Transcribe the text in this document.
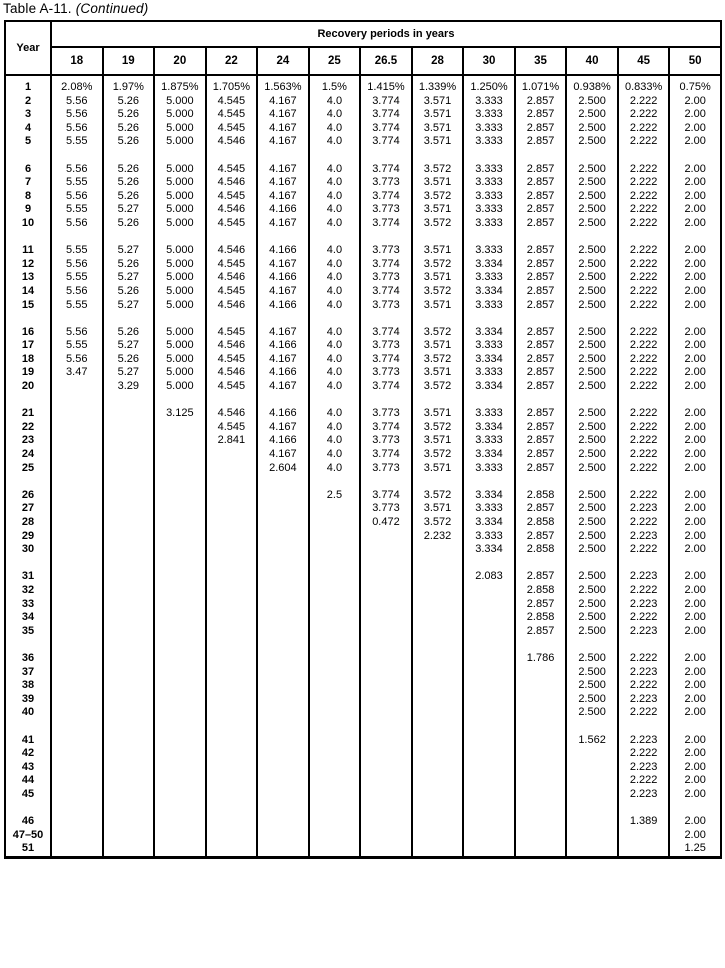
Table A-11. (Continued)
Year	Recovery periods in years												
	18	19	20	22	24	25	26.5	28	30	35	40	45	50

1	2.08%	1.97%	1.875%	1.705%	1.563%	1.5%	1.415%	1.339%	1.250%	1.071%	0.938%	0.833%	0.75%
2	5.56	5.26	5.000	4.545	4.167	4.0	3.774	3.571	3.333	2.857	2.500	2.222	2.00
3	5.56	5.26	5.000	4.545	4.167	4.0	3.774	3.571	3.333	2.857	2.500	2.222	2.00
4	5.56	5.26	5.000	4.545	4.167	4.0	3.774	3.571	3.333	2.857	2.500	2.222	2.00
5	5.55	5.26	5.000	4.546	4.167	4.0	3.774	3.571	3.333	2.857	2.500	2.222	2.00

6	5.56	5.26	5.000	4.545	4.167	4.0	3.774	3.572	3.333	2.857	2.500	2.222	2.00
7	5.55	5.26	5.000	4.546	4.167	4.0	3.773	3.571	3.333	2.857	2.500	2.222	2.00
8	5.56	5.26	5.000	4.545	4.167	4.0	3.774	3.572	3.333	2.857	2.500	2.222	2.00
9	5.55	5.27	5.000	4.546	4.166	4.0	3.773	3.571	3.333	2.857	2.500	2.222	2.00
10	5.56	5.26	5.000	4.545	4.167	4.0	3.774	3.572	3.333	2.857	2.500	2.222	2.00

11	5.55	5.27	5.000	4.546	4.166	4.0	3.773	3.571	3.333	2.857	2.500	2.222	2.00
12	5.56	5.26	5.000	4.545	4.167	4.0	3.774	3.572	3.334	2.857	2.500	2.222	2.00
13	5.55	5.27	5.000	4.546	4.166	4.0	3.773	3.571	3.333	2.857	2.500	2.222	2.00
14	5.56	5.26	5.000	4.545	4.167	4.0	3.774	3.572	3.334	2.857	2.500	2.222	2.00
15	5.55	5.27	5.000	4.546	4.166	4.0	3.773	3.571	3.333	2.857	2.500	2.222	2.00

16	5.56	5.26	5.000	4.545	4.167	4.0	3.774	3.572	3.334	2.857	2.500	2.222	2.00
17	5.55	5.27	5.000	4.546	4.166	4.0	3.773	3.571	3.333	2.857	2.500	2.222	2.00
18	5.56	5.26	5.000	4.545	4.167	4.0	3.774	3.572	3.334	2.857	2.500	2.222	2.00
19	3.47	5.27	5.000	4.546	4.166	4.0	3.773	3.571	3.333	2.857	2.500	2.222	2.00
20		3.29	5.000	4.545	4.167	4.0	3.774	3.572	3.334	2.857	2.500	2.222	2.00

21			3.125	4.546	4.166	4.0	3.773	3.571	3.333	2.857	2.500	2.222	2.00
22				4.545	4.167	4.0	3.774	3.572	3.334	2.857	2.500	2.222	2.00
23				2.841	4.166	4.0	3.773	3.571	3.333	2.857	2.500	2.222	2.00
24					4.167	4.0	3.774	3.572	3.334	2.857	2.500	2.222	2.00
25					2.604	4.0	3.773	3.571	3.333	2.857	2.500	2.222	2.00

26						2.5	3.774	3.572	3.334	2.858	2.500	2.222	2.00
27							3.773	3.571	3.333	2.857	2.500	2.223	2.00
28							0.472	3.572	3.334	2.858	2.500	2.222	2.00
29								2.232	3.333	2.857	2.500	2.223	2.00
30									3.334	2.858	2.500	2.222	2.00

31									2.083	2.857	2.500	2.223	2.00
32										2.858	2.500	2.222	2.00
33										2.857	2.500	2.223	2.00
34										2.858	2.500	2.222	2.00
35										2.857	2.500	2.223	2.00

36										1.786	2.500	2.222	2.00
37											2.500	2.223	2.00
38											2.500	2.222	2.00
39											2.500	2.223	2.00
40											2.500	2.222	2.00

41											1.562	2.223	2.00
42												2.222	2.00
43												2.223	2.00
44												2.222	2.00
45												2.223	2.00

46												1.389	2.00
47–50													2.00
51													1.25
